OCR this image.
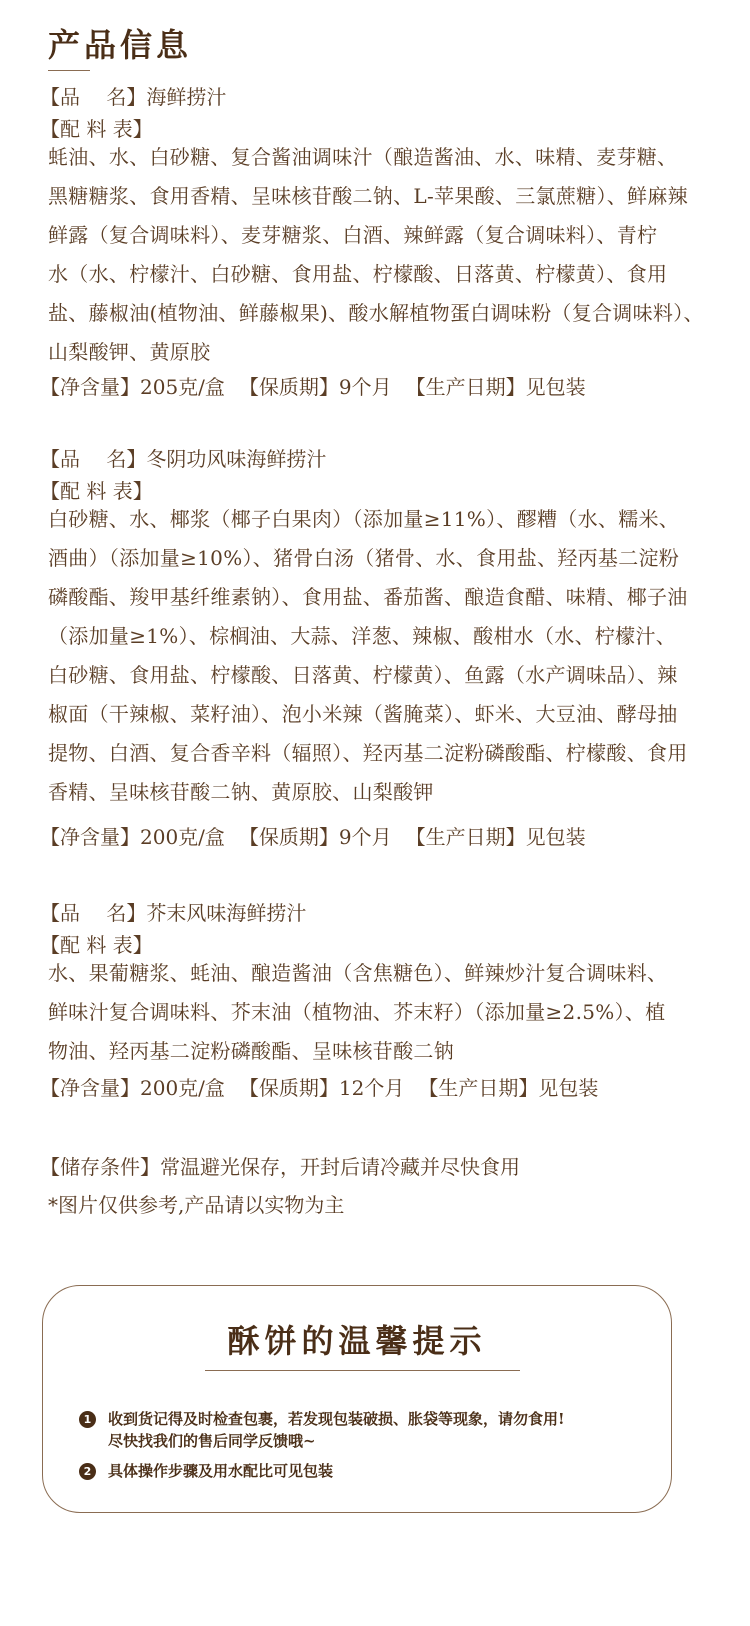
产品信息

【品　 名】海鲜捞汁

【配 料 表】

蚝油、水、白砂糖、复合酱油调味汁（酿造酱油、水、味精、麦芽糖、
黑糖糖浆、食用香精、呈味核苷酸二钠、L-苹果酸、三氯蔗糖）、鲜麻辣
鲜露（复合调味料）、麦芽糖浆、白酒、辣鲜露（复合调味料）、青柠
水（水、柠檬汁、白砂糖、食用盐、柠檬酸、日落黄、柠檬黄）、食用
盐、藤椒油(植物油、鲜藤椒果)、酸水解植物蛋白调味粉（复合调味料）、
山梨酸钾、黄原胶

【净含量】205克/盒 【保质期】9个月 【生产日期】见包装

【品　 名】冬阴功风味海鲜捞汁

【配 料 表】

白砂糖、水、椰浆（椰子白果肉）（添加量≥11%）、醪糟（水、糯米、
酒曲）（添加量≥10%）、猪骨白汤（猪骨、水、食用盐、羟丙基二淀粉
磷酸酯、羧甲基纤维素钠）、食用盐、番茄酱、酿造食醋、味精、椰子油
（添加量≥1%）、棕榈油、大蒜、洋葱、辣椒、酸柑水（水、柠檬汁、
白砂糖、食用盐、柠檬酸、日落黄、柠檬黄）、鱼露（水产调味品）、辣
椒面（干辣椒、菜籽油）、泡小米辣（酱腌菜）、虾米、大豆油、酵母抽
提物、白酒、复合香辛料（辐照）、羟丙基二淀粉磷酸酯、柠檬酸、食用
香精、呈味核苷酸二钠、黄原胶、山梨酸钾

【净含量】200克/盒 【保质期】9个月 【生产日期】见包装

【品　 名】芥末风味海鲜捞汁

【配 料 表】

水、果葡糖浆、蚝油、酿造酱油（含焦糖色）、鲜辣炒汁复合调味料、
鲜味汁复合调味料、芥末油（植物油、芥末籽）（添加量≥2.5%）、植
物油、羟丙基二淀粉磷酸酯、呈味核苷酸二钠

【净含量】200克/盒 【保质期】12个月 【生产日期】见包装

【储存条件】常温避光保存，开封后请冷藏并尽快食用
*图片仅供参考,产品请以实物为主
酥饼的温馨提示
1 收到货记得及时检查包裹，若发现包装破损、胀袋等现象，请勿食用!
尽快找我们的售后同学反馈哦~
2 具体操作步骤及用水配比可见包装
